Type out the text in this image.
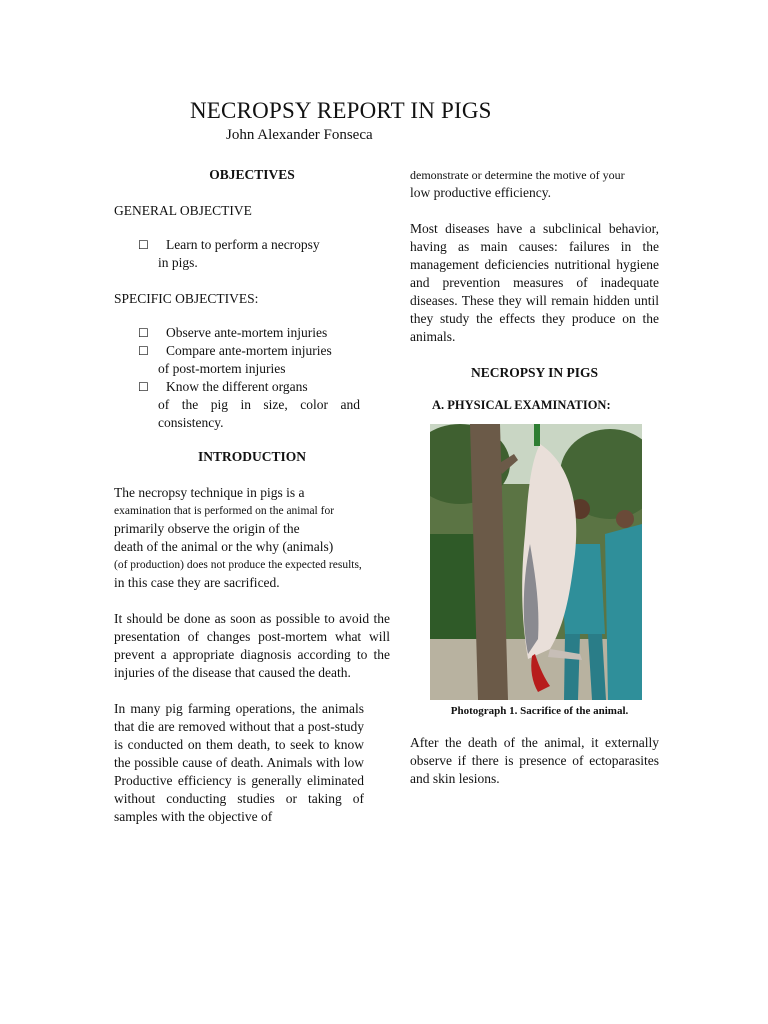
NECROPSY REPORT IN PIGS
John Alexander Fonseca
OBJECTIVES
GENERAL OBJECTIVE
☐	Learn to perform a necropsy
in pigs.
SPECIFIC OBJECTIVES:
☐	Observe ante-mortem injuries
☐	Compare ante-mortem injuries
of post-mortem injuries
☐	Know the different organs
of the pig in size, color and consistency.
INTRODUCTION
The necropsy technique in pigs is a
examination that is performed on the animal for
primarily observe the origin of the
death of the animal or the why (animals)
(of production) does not produce the expected results,
in this case they are sacrificed.

It should be done as soon as possible to avoid the presentation of changes post-mortem what will prevent a appropriate diagnosis according to the injuries of the disease that caused the death.

In many pig farming operations, the animals that die are removed without that a post-study is conducted on them death, to seek to know the possible cause of death. Animals with low Productive efficiency is generally eliminated without conducting studies or taking of samples with the objective of

demonstrate or determine the motive of your
low productive efficiency.

Most diseases have a subclinical behavior, having as main causes: failures in the management deficiencies nutritional hygiene and prevention measures of inadequate diseases. These they will remain hidden until they study the effects they produce on the animals.

NECROPSY IN PIGS
A. PHYSICAL EXAMINATION:
Photograph 1. Sacrifice of the animal.

After the death of the animal, it externally observe if there is presence of ectoparasites and skin lesions.
